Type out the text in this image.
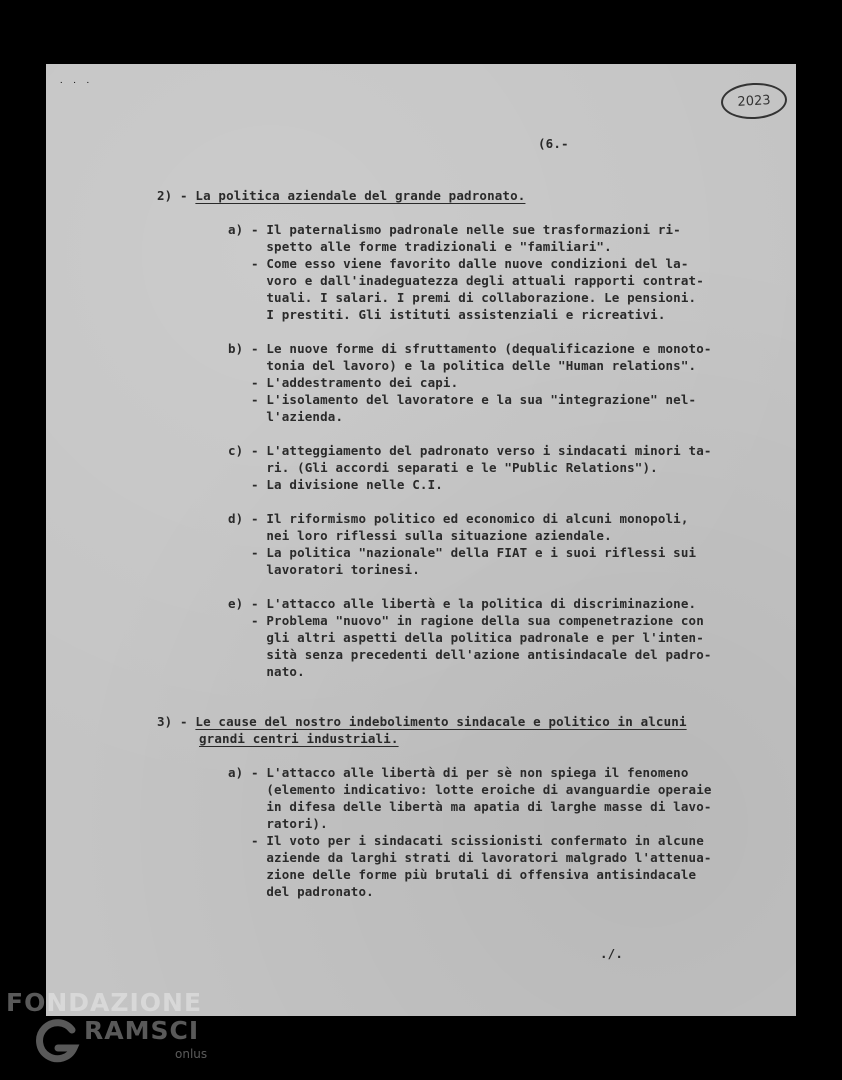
˙ ˙ ˙
2023
(6.-
2) - La politica aziendale del grande padronato.
a) - Il paternalismo padronale nelle sue trasformazioni ri-
spetto alle forme tradizionali e "familiari".
- Come esso viene favorito dalle nuove condizioni del la-
voro e dall'inadeguatezza degli attuali rapporti contrat-
tuali. I salari. I premi di collaborazione. Le pensioni.
I prestiti. Gli istituti assistenziali e ricreativi.
b) - Le nuove forme di sfruttamento (dequalificazione e monoto-
tonia del lavoro) e la politica delle "Human relations".
- L'addestramento dei capi.
- L'isolamento del lavoratore e la sua "integrazione" nel-
l'azienda.
c) - L'atteggiamento del padronato verso i sindacati minori ta-
ri. (Gli accordi separati e le "Public Relations").
- La divisione nelle C.I.
d) - Il riformismo politico ed economico di alcuni monopoli,
nei loro riflessi sulla situazione aziendale.
- La politica "nazionale" della FIAT e i suoi riflessi sui
lavoratori torinesi.
e) - L'attacco alle libertà e la politica di discriminazione.
- Problema "nuovo" in ragione della sua compenetrazione con
gli altri aspetti della politica padronale e per l'inten-
sità senza precedenti dell'azione antisindacale del padro-
nato.
3) - Le cause del nostro indebolimento sindacale e politico in alcuni
grandi centri industriali.
a) - L'attacco alle libertà di per sè non spiega il fenomeno
(elemento indicativo: lotte eroiche di avanguardie operaie
in difesa delle libertà ma apatia di larghe masse di lavo-
ratori).
- Il voto per i sindacati scissionisti confermato in alcune
aziende da larghi strati di lavoratori malgrado l'attenua-
zione delle forme più brutali di offensiva antisindacale
del padronato.
./.
FONDAZIONE
RAMSCI
onlus
